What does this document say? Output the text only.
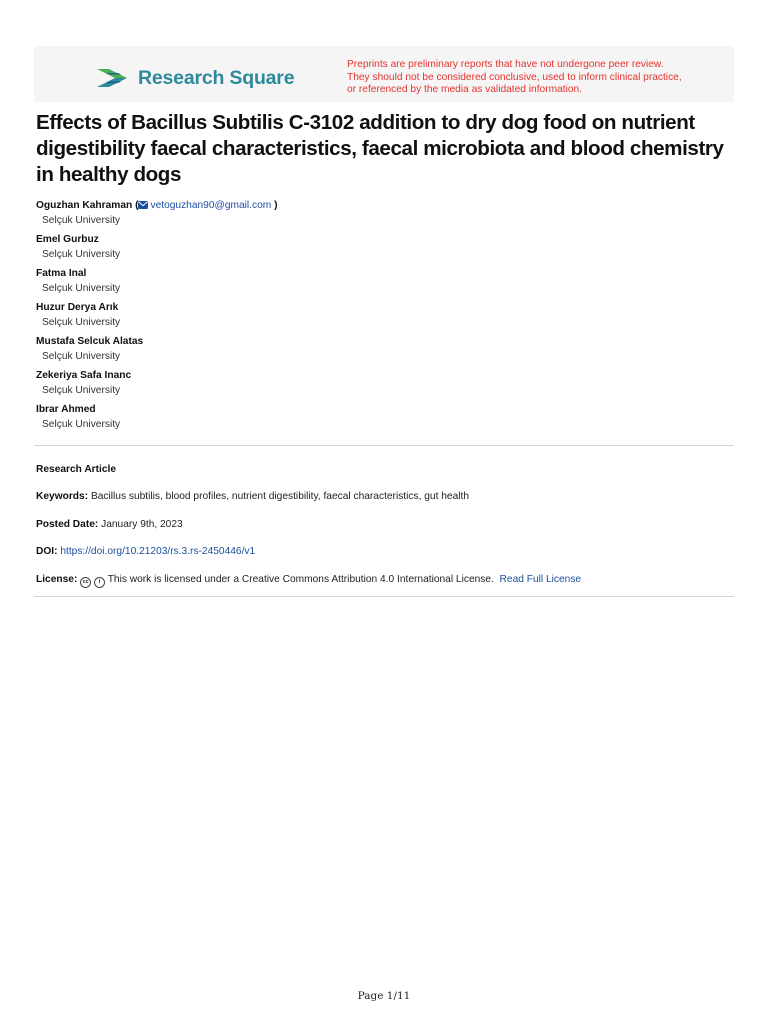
Research Square
Preprints are preliminary reports that have not undergone peer review.
They should not be considered conclusive, used to inform clinical practice,
or referenced by the media as validated information.
Effects of Bacillus Subtilis C-3102 addition to dry dog food on nutrient digestibility faecal characteristics, faecal microbiota and blood chemistry in healthy dogs
Oguzhan Kahraman ( vetoguzhan90@gmail.com )
Selçuk University
Emel Gurbuz
Selçuk University
Fatma Inal
Selçuk University
Huzur Derya Arık
Selçuk University
Mustafa Selcuk Alatas
Selçuk University
Zekeriya Safa Inanc
Selçuk University
Ibrar Ahmed
Selçuk University
Research Article
Keywords: Bacillus subtilis, blood profiles, nutrient digestibility, faecal characteristics, gut health
Posted Date: January 9th, 2023
DOI: https://doi.org/10.21203/rs.3.rs-2450446/v1
License: cc i This work is licensed under a Creative Commons Attribution 4.0 International License. Read Full License
Page 1/11
